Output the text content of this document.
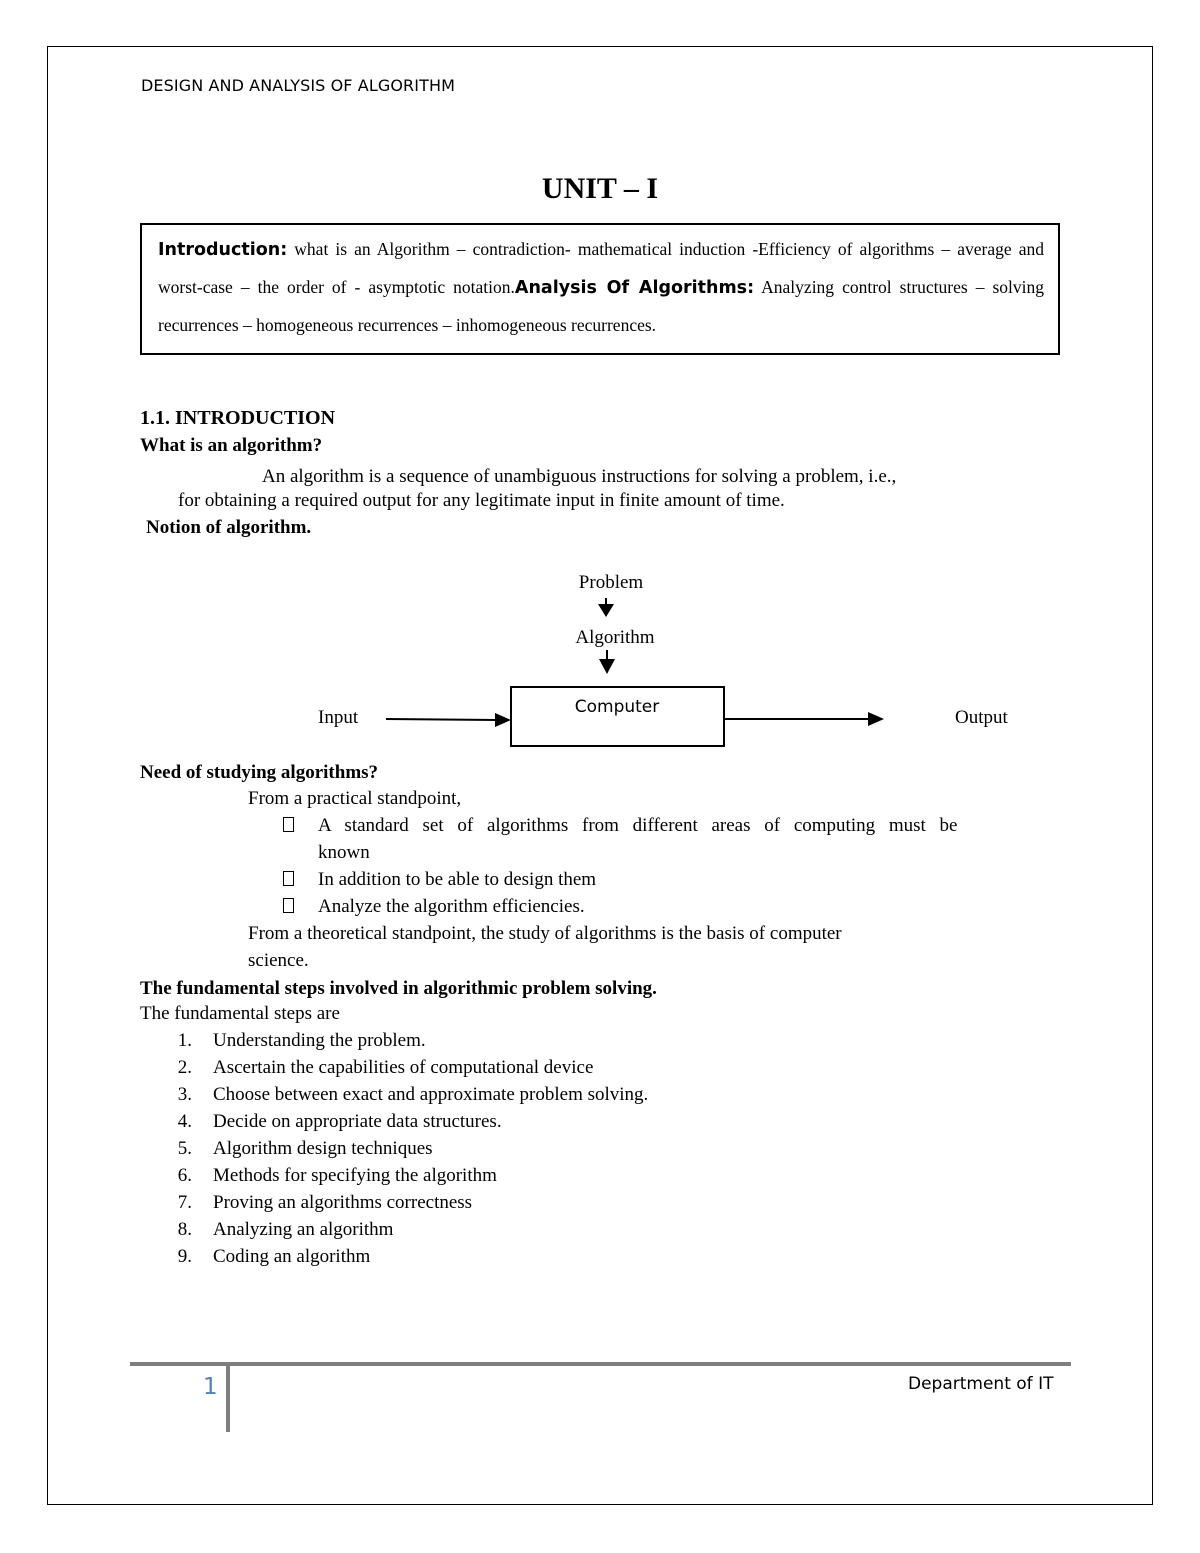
DESIGN AND ANALYSIS OF ALGORITHM
UNIT – I
Introduction: what is an Algorithm – contradiction- mathematical induction -Efficiency of algorithms – average and worst-case – the order of - asymptotic notation.Analysis Of Algorithms: Analyzing control structures – solving recurrences – homogeneous recurrences – inhomogeneous recurrences.
1.1. INTRODUCTION
What is an algorithm?
An algorithm is a sequence of unambiguous instructions for solving a problem, i.e.,
for obtaining a required output for any legitimate input in finite amount of time.
Notion of algorithm.
Problem
Algorithm
Computer
Input	Output
Need of studying algorithms?
From a practical standpoint,
A standard set of algorithms from different areas of computing must be
known
In addition to be able to design them
Analyze the algorithm efficiencies.
From a theoretical standpoint, the study of algorithms is the basis of computer
science.
The fundamental steps involved in algorithmic problem solving.
The fundamental steps are
1. Understanding the problem.
2. Ascertain the capabilities of computational device
3. Choose between exact and approximate problem solving.
4. Decide on appropriate data structures.
5. Algorithm design techniques
6. Methods for specifying the algorithm
7. Proving an algorithms correctness
8. Analyzing an algorithm
9. Coding an algorithm
1	Department of IT
